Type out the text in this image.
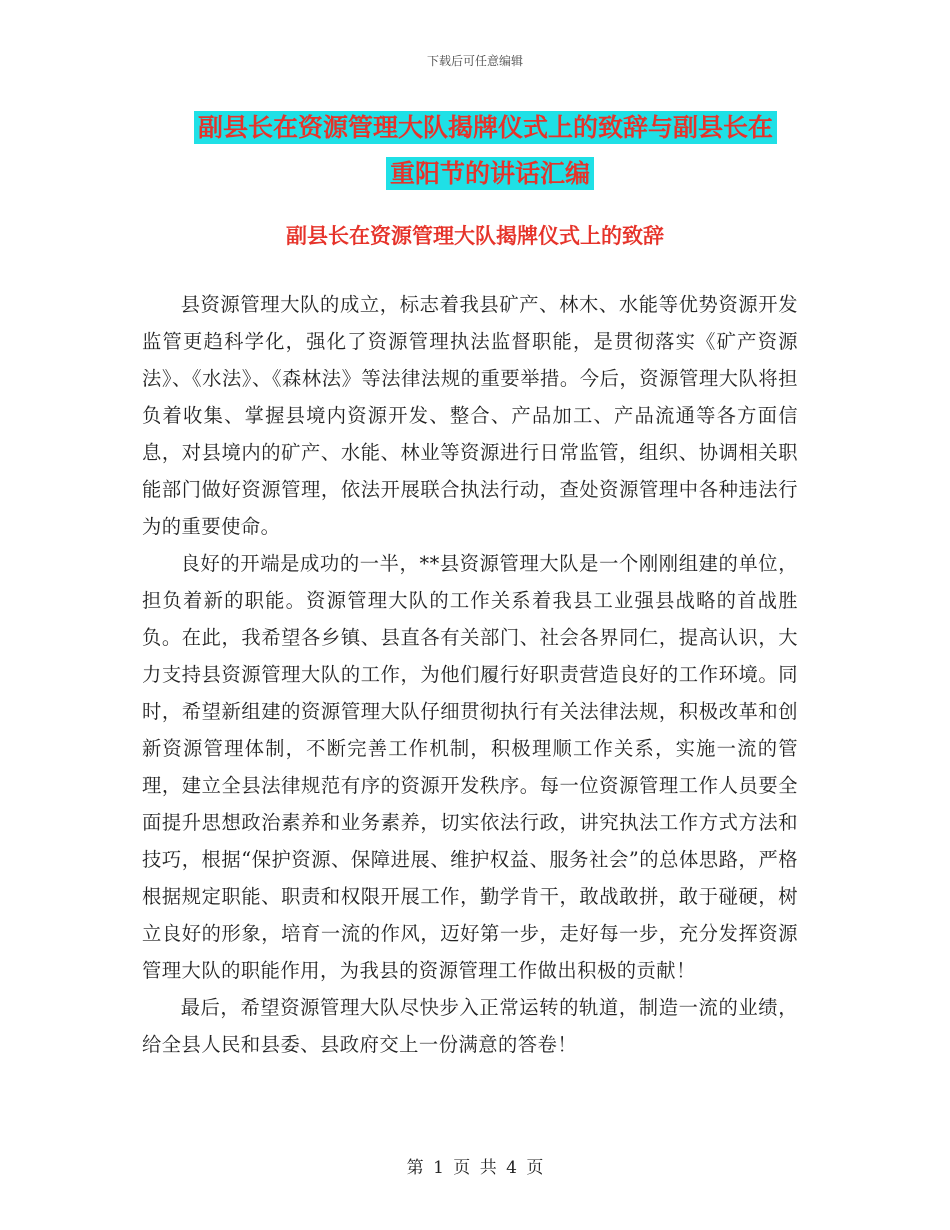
下载后可任意编辑
副县长在资源管理大队揭牌仪式上的致辞与副县长在
重阳节的讲话汇编
副县长在资源管理大队揭牌仪式上的致辞

县资源管理大队的成立，标志着我县矿产、林木、水能等优势资源开发监管更趋科学化，强化了资源管理执法监督职能，是贯彻落实《矿产资源法》、《水法》、《森林法》等法律法规的重要举措。今后，资源管理大队将担负着收集、掌握县境内资源开发、整合、产品加工、产品流通等各方面信息，对县境内的矿产、水能、林业等资源进行日常监管，组织、协调相关职能部门做好资源管理，依法开展联合执法行动，查处资源管理中各种违法行为的重要使命。

良好的开端是成功的一半，**县资源管理大队是一个刚刚组建的单位，担负着新的职能。资源管理大队的工作关系着我县工业强县战略的首战胜负。在此，我希望各乡镇、县直各有关部门、社会各界同仁，提高认识，大力支持县资源管理大队的工作，为他们履行好职责营造良好的工作环境。同时，希望新组建的资源管理大队仔细贯彻执行有关法律法规，积极改革和创新资源管理体制，不断完善工作机制，积极理顺工作关系，实施一流的管理，建立全县法律规范有序的资源开发秩序。每一位资源管理工作人员要全面提升思想政治素养和业务素养，切实依法行政，讲究执法工作方式方法和技巧，根据“保护资源、保障进展、维护权益、服务社会”的总体思路，严格根据规定职能、职责和权限开展工作，勤学肯干，敢战敢拼，敢于碰硬，树立良好的形象，培育一流的作风，迈好第一步，走好每一步，充分发挥资源管理大队的职能作用，为我县的资源管理工作做出积极的贡献！

最后，希望资源管理大队尽快步入正常运转的轨道，制造一流的业绩，给全县人民和县委、县政府交上一份满意的答卷！

第 1 页 共 4 页
